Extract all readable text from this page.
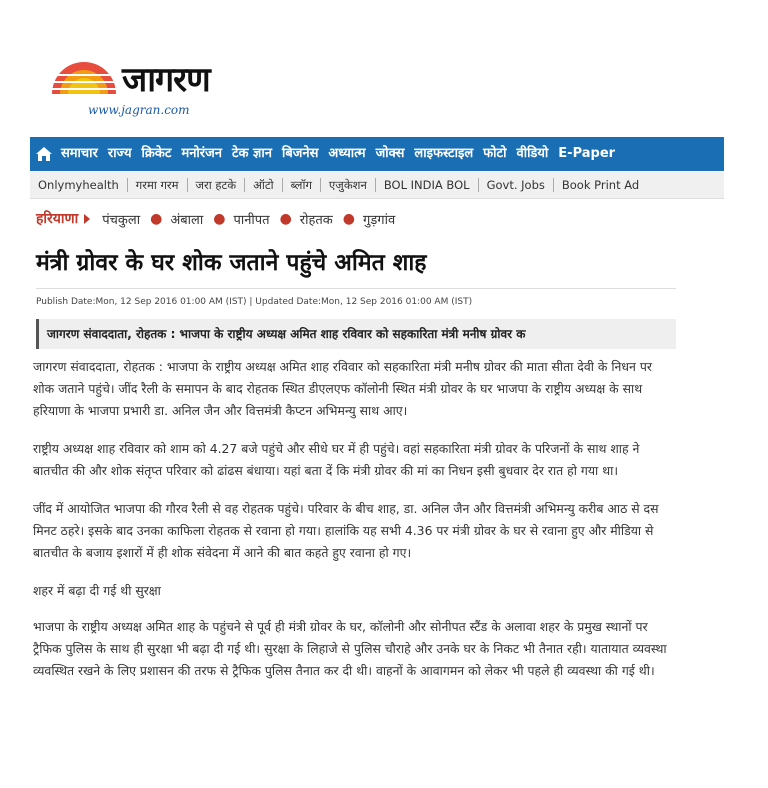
जागरण
www.jagran.com
समाचार राज्य क्रिकेट मनोरंजन टेक ज्ञान बिजनेस अध्यात्म जोक्स लाइफस्टाइल फोटो वीडियो E-Paper
Onlymyhealth	गरमा गरम	जरा हटके	ऑटो	ब्लॉग	एजुकेशन	BOL INDIA BOL	Govt. Jobs	Book Print Ad
हरियाणा पंचकुला ● अंबाला ● पानीपत ● रोहतक ● गुड़गांव
मंत्री ग्रोवर के घर शोक जताने पहुंचे अमित शाह
Publish Date:Mon, 12 Sep 2016 01:00 AM (IST) | Updated Date:Mon, 12 Sep 2016 01:00 AM (IST)
जागरण संवाददाता, रोहतक : भाजपा के राष्ट्रीय अध्यक्ष अमित शाह रविवार को सहकारिता मंत्री मनीष ग्रोवर क

जागरण संवाददाता, रोहतक : भाजपा के राष्ट्रीय अध्यक्ष अमित शाह रविवार को सहकारिता मंत्री मनीष ग्रोवर की माता सीता देवी के निधन पर शोक जताने पहुंचे। जींद रैली के समापन के बाद रोहतक स्थित डीएलएफ कॉलोनी स्थित मंत्री ग्रोवर के घर भाजपा के राष्ट्रीय अध्यक्ष के साथ हरियाणा के भाजपा प्रभारी डा. अनिल जैन और वित्तमंत्री कैप्टन अभिमन्यु साथ आए।

राष्ट्रीय अध्यक्ष शाह रविवार को शाम को 4.27 बजे पहुंचे और सीधे घर में ही पहुंचे। वहां सहकारिता मंत्री ग्रोवर के परिजनों के साथ शाह ने बातचीत की और शोक संतृप्त परिवार को ढांढस बंधाया। यहां बता दें कि मंत्री ग्रोवर की मां का निधन इसी बुधवार देर रात हो गया था।

जींद में आयोजित भाजपा की गौरव रैली से वह रोहतक पहुंचे। परिवार के बीच शाह, डा. अनिल जैन और वित्तमंत्री अभिमन्यु करीब आठ से दस मिनट ठहरे। इसके बाद उनका काफिला रोहतक से रवाना हो गया। हालांकि यह सभी 4.36 पर मंत्री ग्रोवर के घर से रवाना हुए और मीडिया से बातचीत के बजाय इशारों में ही शोक संवेदना में आने की बात कहते हुए रवाना हो गए।

शहर में बढ़ा दी गई थी सुरक्षा

भाजपा के राष्ट्रीय अध्यक्ष अमित शाह के पहुंचने से पूर्व ही मंत्री ग्रोवर के घर, कॉलोनी और सोनीपत स्टैंड के अलावा शहर के प्रमुख स्थानों पर ट्रैफिक पुलिस के साथ ही सुरक्षा भी बढ़ा दी गई थी। सुरक्षा के लिहाजे से पुलिस चौराहे और उनके घर के निकट भी तैनात रही। यातायात व्यवस्था व्यवस्थित रखने के लिए प्रशासन की तरफ से ट्रैफिक पुलिस तैनात कर दी थी। वाहनों के आवागमन को लेकर भी पहले ही व्यवस्था की गई थी।
